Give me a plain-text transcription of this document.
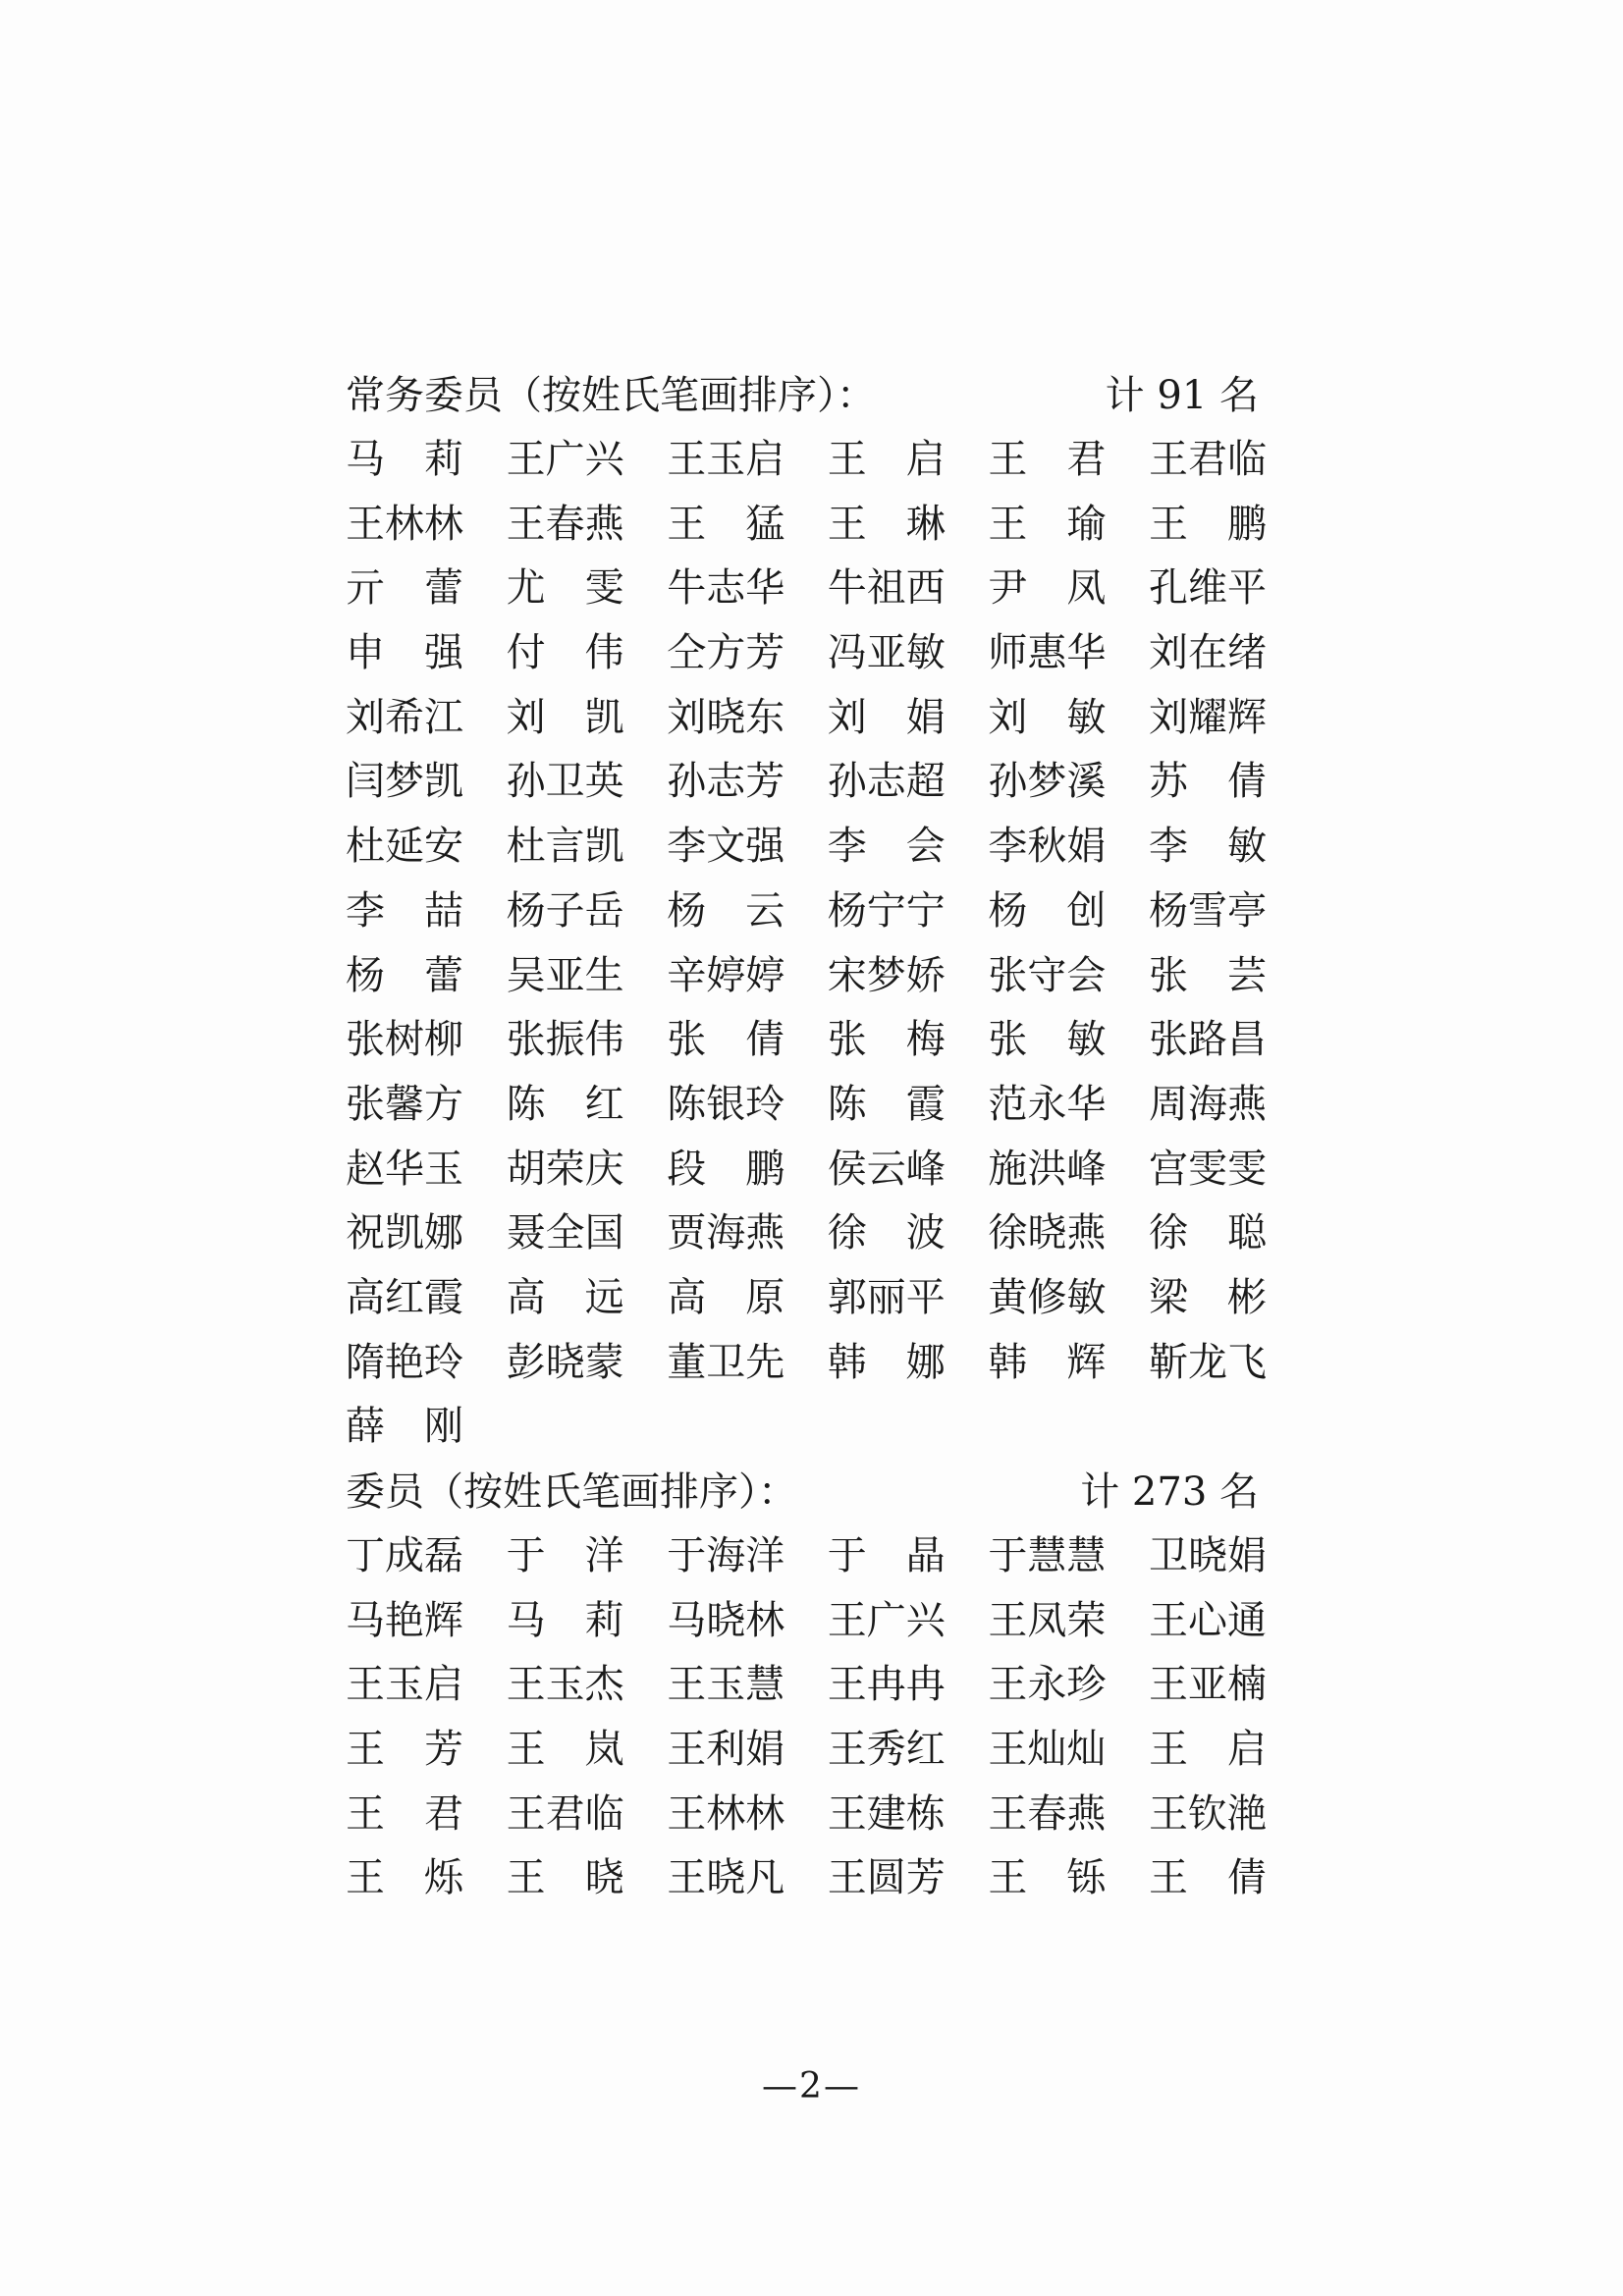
常务委员（按姓氏笔画排序）：	计 91 名
马 莉 王 广 兴 王 玉 启 王 启 王 君 王 君 临
王 林 林 王 春 燕 王 猛 王 琳 王 瑜 王 鹏
亓 蕾 尤 雯 牛 志 华 牛 祖 西 尹 凤 孔 维 平
申 强 付 伟 仝 方 芳 冯 亚 敏 师 惠 华 刘 在 绪
刘 希 江 刘 凯 刘 晓 东 刘 娟 刘 敏 刘 耀 辉
闫 梦 凯 孙 卫 英 孙 志 芳 孙 志 超 孙 梦 溪 苏 倩
杜 延 安 杜 言 凯 李 文 强 李 会 李 秋 娟 李 敏
李 喆 杨 子 岳 杨 云 杨 宁 宁 杨 创 杨 雪 亭
杨 蕾 吴 亚 生 辛 婷 婷 宋 梦 娇 张 守 会 张 芸
张 树 柳 张 振 伟 张 倩 张 梅 张 敏 张 路 昌
张 馨 方 陈 红 陈 银 玲 陈 霞 范 永 华 周 海 燕
赵 华 玉 胡 荣 庆 段 鹏 侯 云 峰 施 洪 峰 宫 雯 雯
祝 凯 娜 聂 全 国 贾 海 燕 徐 波 徐 晓 燕 徐 聪
高 红 霞 高 远 高 原 郭 丽 平 黄 修 敏 梁 彬
隋 艳 玲 彭 晓 蒙 董 卫 先 韩 娜 韩 辉 靳 龙 飞
薛 刚
委员（按姓氏笔画排序）：	计 273 名
丁 成 磊 于 洋 于 海 洋 于 晶 于 慧 慧 卫 晓 娟
马 艳 辉 马 莉 马 晓 林 王 广 兴 王 凤 荣 王 心 通
王 玉 启 王 玉 杰 王 玉 慧 王 冉 冉 王 永 珍 王 亚 楠
王 芳 王 岚 王 利 娟 王 秀 红 王 灿 灿 王 启
王 君 王 君 临 王 林 林 王 建 栋 王 春 燕 王 钦 滟
王 烁 王 晓 王 晓 凡 王 圆 芳 王 铄 王 倩
—2—
